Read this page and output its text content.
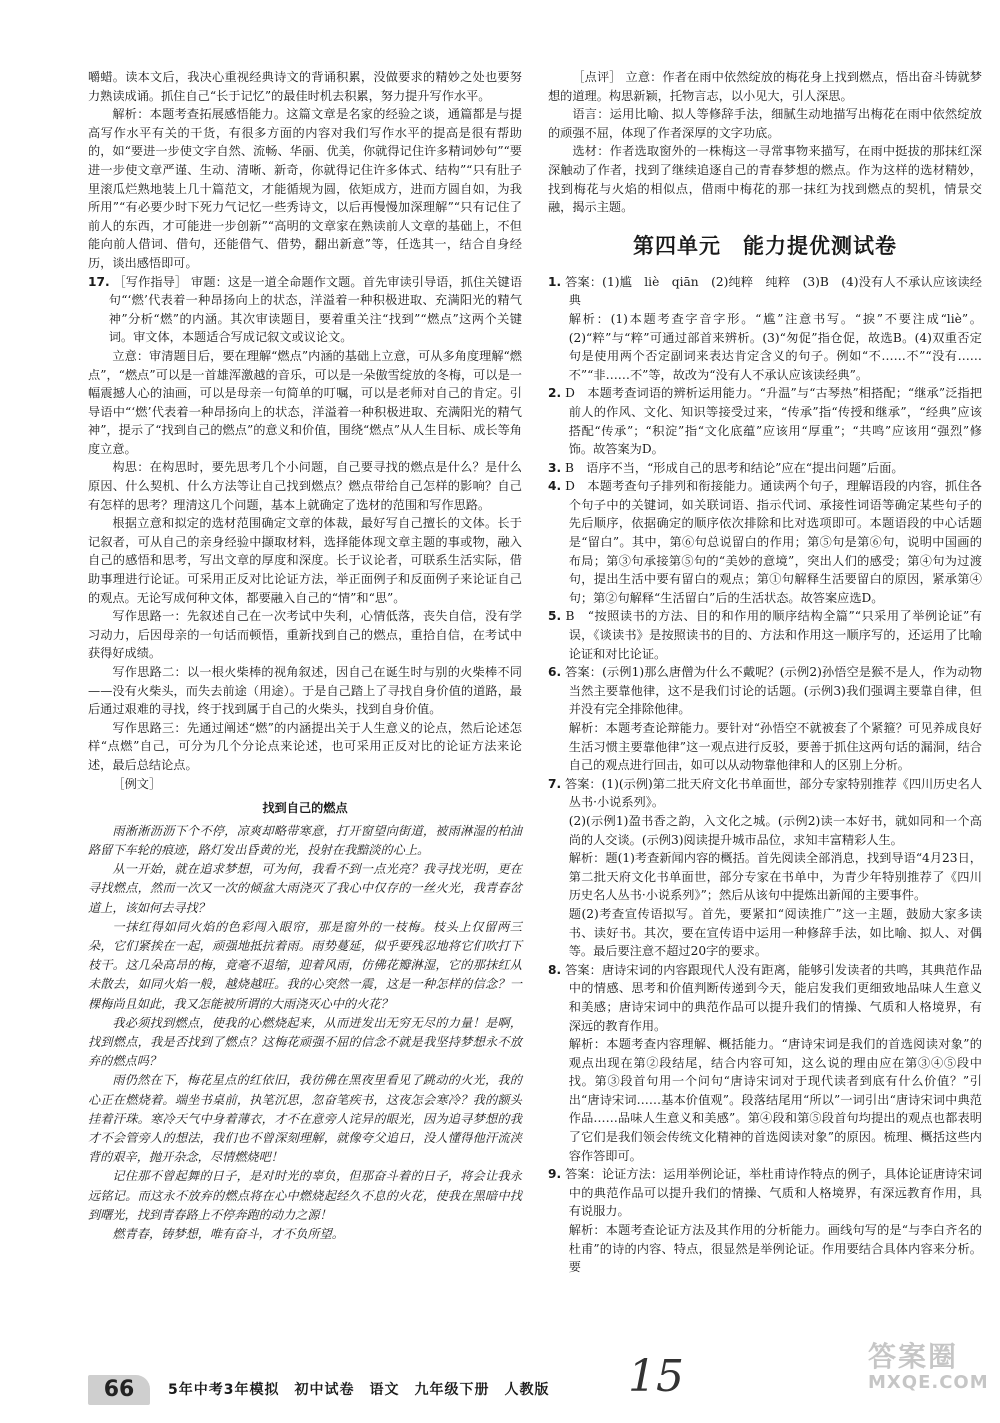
嚼蜡。读本文后，我决心重视经典诗文的背诵积累，没做要求的精妙之处也要努力熟读成诵。抓住自己“长于记忆”的最佳时机去积累，努力提升写作水平。

解析：本题考查拓展感悟能力。这篇文章是名家的经验之谈，通篇都是与提高写作水平有关的干货，有很多方面的内容对我们写作水平的提高是很有帮助的，如“要进一步使文字自然、流畅、华丽、优美，你就得记住许多精词妙句”“要进一步使文章严谨、生动、清晰、新奇，你就得记住许多体式、结构”“只有肚子里滚瓜烂熟地装上几十篇范文，才能循规为圆，依矩成方，进而方圆自如，为我所用”“有必要少时下死力气记忆一些秀诗文，以后再慢慢加深理解”“只有记住了前人的东西，才可能进一步创新”“高明的文章家在熟读前人文章的基础上，不但能向前人借词、借句，还能借气、借势，翻出新意”等，任选其一，结合自身经历，谈出感悟即可。

17. ［写作指导］ 审题：这是一道全命题作文题。首先审读引导语，抓住关键语句“‘燃’代表着一种昂扬向上的状态，洋溢着一种积极进取、充满阳光的精气神”分析“燃”的内涵。其次审读题目，要着重关注“找到”“燃点”这两个关键词。审文体，本题适合写成记叙文或议论文。

立意：审清题目后，要在理解“燃点”内涵的基础上立意，可从多角度理解“燃点”，“燃点”可以是一首雄浑激越的音乐，可以是一朵傲雪绽放的冬梅，可以是一幅震撼人心的油画，可以是母亲一句简单的叮嘱，可以是老师对自己的肯定。引导语中“‘燃’代表着一种昂扬向上的状态，洋溢着一种积极进取、充满阳光的精气神”，提示了“找到自己的燃点”的意义和价值，围绕“燃点”从人生目标、成长等角度立意。

构思：在构思时，要先思考几个小问题，自己要寻找的燃点是什么？是什么原因、什么契机、什么方法等让自己找到燃点？燃点带给自己怎样的影响？自己有怎样的思考？理清这几个问题，基本上就确定了选材的范围和写作思路。

根据立意和拟定的选材范围确定文章的体裁，最好写自己擅长的文体。长于记叙者，可从自己的亲身经验中撷取材料，选择能体现文章主题的事或物，融入自己的感悟和思考，写出文章的厚度和深度。长于议论者，可联系生活实际，借助事理进行论证。可采用正反对比论证方法，举正面例子和反面例子来论证自己的观点。无论写成何种文体，都要融入自己的“情”和“思”。

写作思路一：先叙述自己在一次考试中失利，心情低落，丧失自信，没有学习动力，后因母亲的一句话而顿悟，重新找到自己的燃点，重拾自信，在考试中获得好成绩。

写作思路二：以一根火柴棒的视角叙述，因自己在诞生时与别的火柴棒不同——没有火柴头，而失去前途（用途）。于是自己踏上了寻找自身价值的道路，最后通过艰难的寻找，终于找到属于自己的火柴头，找到自身价值。

写作思路三：先通过阐述“燃”的内涵提出关于人生意义的论点，然后论述怎样“点燃”自己，可分为几个分论点来论述，也可采用正反对比的论证方法来论述，最后总结论点。

［例文］

找到自己的燃点

雨淅淅沥沥下个不停，凉爽却略带寒意，打开窗望向街道，被雨淋湿的柏油路留下车轮的痕迹，路灯发出昏黄的光，投射在我黯淡的心上。

从一开始，就在追求梦想，可为何，我看不到一点光亮？我寻找光明，更在寻找燃点，然而一次又一次的倾盆大雨浇灭了我心中仅存的一丝火光，我青春岔道上，该如何去寻找？

一抹红得如同火焰的色彩闯入眼帘，那是窗外的一枝梅。枝头上仅留两三朵，它们紧挨在一起，顽强地抵抗着雨。雨势蔓延，似乎要残忍地将它们吹打下枝干。这几朵高昂的梅，竟毫不退缩，迎着风雨，仿佛花瓣淋湿，它的那抹红从未散去，如同火焰一般，越烧越旺。我的心突然一震，这是一种怎样的信念？一棵梅尚且如此，我又怎能被所谓的大雨浇灭心中的火花？

我必须找到燃点，使我的心燃烧起来，从而迸发出无穷无尽的力量！是啊，找到燃点，我是否找到了燃点？这梅花顽强不屈的信念不就是我坚持梦想永不放弃的燃点吗？

雨仍然在下，梅花星点的红依旧，我彷佛在黑夜里看见了跳动的火光，我的心正在燃烧着。端坐书桌前，执笔沉思，忽奋笔疾书，这夜怎会寒冷？我的额头挂着汗珠。寒冷天气中身着薄衣，才不在意旁人诧异的眼光，因为追寻梦想的我才不会管旁人的想法，我们也不曾深刻理解，就像夸父追日，没人懂得他汗流浃背的艰辛，抛开杂念，尽情燃烧吧！

记住那不曾起舞的日子，是对时光的辜负，但那奋斗着的日子，将会让我永远铭记。而这永不放弃的燃点将在心中燃烧起经久不息的火花，使我在黑暗中找到曙光，找到青春路上不停奔跑的动力之源！

燃青春，铸梦想，唯有奋斗，才不负所望。

［点评］ 立意：作者在雨中依然绽放的梅花身上找到燃点，悟出奋斗铸就梦想的道理。构思新颖，托物言志，以小见大，引人深思。

语言：运用比喻、拟人等修辞手法，细腻生动地描写出梅花在雨中依然绽放的顽强不屈，体现了作者深厚的文字功底。

选材：作者选取窗外的一株梅这一寻常事物来描写，在雨中挺拔的那抹红深深触动了作者，找到了继续追逐自己的青春梦想的燃点。作为这样的选材精妙，找到梅花与火焰的相似点，借雨中梅花的那一抹红为找到燃点的契机，情景交融，揭示主题。

第四单元　能力提优测试卷

1. 答案：(1)尴　liè　qiān　(2)纯粹　纯粹　(3)B　(4)没有人不承认应该读经典

解析：(1)本题考查字音字形。“尴”注意书写。“捩”不要注成“liè”。(2)“粹”与“粹”可通过部首来辨析。(3)“匆促”指仓促，故选B。(4)双重否定句是使用两个否定副词来表达肯定含义的句子。例如“不……不”“没有……不”“非……不”等，故改为“没有人不承认应该读经典”。

2. D　本题考查词语的辨析运用能力。“升温”与“古琴热”相搭配；“继承”泛指把前人的作风、文化、知识等接受过来，“传承”指“传授和继承”，“经典”应该搭配“传承”；“积淀”指“文化底蕴”应该用“厚重”；“共鸣”应该用“强烈”修饰。故答案为D。

3. B　语序不当，“形成自己的思考和结论”应在“提出问题”后面。

4. D　本题考查句子排列和衔接能力。通读两个句子，理解语段的内容，抓住各个句子中的关键词，如关联词语、指示代词、承接性词语等确定某些句子的先后顺序，依据确定的顺序依次排除和比对选项即可。本题语段的中心话题是“留白”。其中，第⑥句总说留白的作用；第⑤句是第⑥句，说明中国画的布局；第③句承接第⑤句的“美妙的意境”，突出人们的感受；第④句为过渡句，提出生活中要有留白的观点；第①句解释生活要留白的原因，紧承第④句；第②句解释“生活留白”后的生活状态。故答案应选D。

5. B　“按照读书的方法、目的和作用的顺序结构全篇”“只采用了举例论证”有误，《谈读书》是按照读书的目的、方法和作用这一顺序写的，还运用了比喻论证和对比论证。

6. 答案：(示例1)那么唐僧为什么不戴呢？(示例2)孙悟空是猴不是人，作为动物当然主要靠他律，这不是我们讨论的话题。(示例3)我们强调主要靠自律，但并没有完全排除他律。

解析：本题考查论辩能力。要针对“孙悟空不就被套了个紧箍？可见养成良好生活习惯主要靠他律”这一观点进行反驳，要善于抓住这两句话的漏洞，结合自己的观点进行回击，如可以从动物靠他律和人的区别上分析。

7. 答案：(1)(示例)第二批天府文化书单面世，部分专家特别推荐《四川历史名人丛书·小说系列》。

(2)(示例1)盈书香之韵，入文化之城。(示例2)读一本好书，就如同和一个高尚的人交谈。(示例3)阅读提升城市品位，求知丰富精彩人生。

解析：题(1)考查新闻内容的概括。首先阅读全部消息，找到导语“4月23日，第二批天府文化书单面世，部分专家在书单中，为青少年特别推荐了《四川历史名人丛书·小说系列》”；然后从该句中提炼出新闻的主要事件。

题(2)考查宣传语拟写。首先，要紧扣“阅读推广”这一主题，鼓励大家多读书、读好书。其次，要在宣传语中运用一种修辞手法，如比喻、拟人、对偶等。最后要注意不超过20字的要求。

8. 答案：唐诗宋词的内容跟现代人没有距离，能够引发读者的共鸣，其典范作品中的情感、思考和价值判断传递到今天，能启发我们更细致地品味人生意义和美感；唐诗宋词中的典范作品可以提升我们的情操、气质和人格境界，有深远的教育作用。

解析：本题考查内容理解、概括能力。“唐诗宋词是我们的首选阅读对象”的观点出现在第②段结尾，结合内容可知，这么说的理由应在第③④⑤段中找。第③段首句用一个问句“唐诗宋词对于现代读者到底有什么价值？”引出“唐诗宋词……基本价值观”。段落结尾用“所以”一词引出“唐诗宋词中典范作品……品味人生意义和美感”。第④段和第⑤段首句均提出的观点也都表明了它们是我们领会传统文化精神的首选阅读对象”的原因。梳理、概括这些内容作答即可。

9. 答案：论证方法：运用举例论证，举杜甫诗作特点的例子，具体论证唐诗宋词中的典范作品可以提升我们的情操、气质和人格境界，有深远教育作用，具有说服力。

解析：本题考查论证方法及其作用的分析能力。画线句写的是“与李白齐名的杜甫”的诗的内容、特点，很显然是举例论证。作用要结合具体内容来分析。要

66	5年中考3年模拟　初中试卷　语文　九年级下册　人教版 15	答案圈
MXQE.COM
